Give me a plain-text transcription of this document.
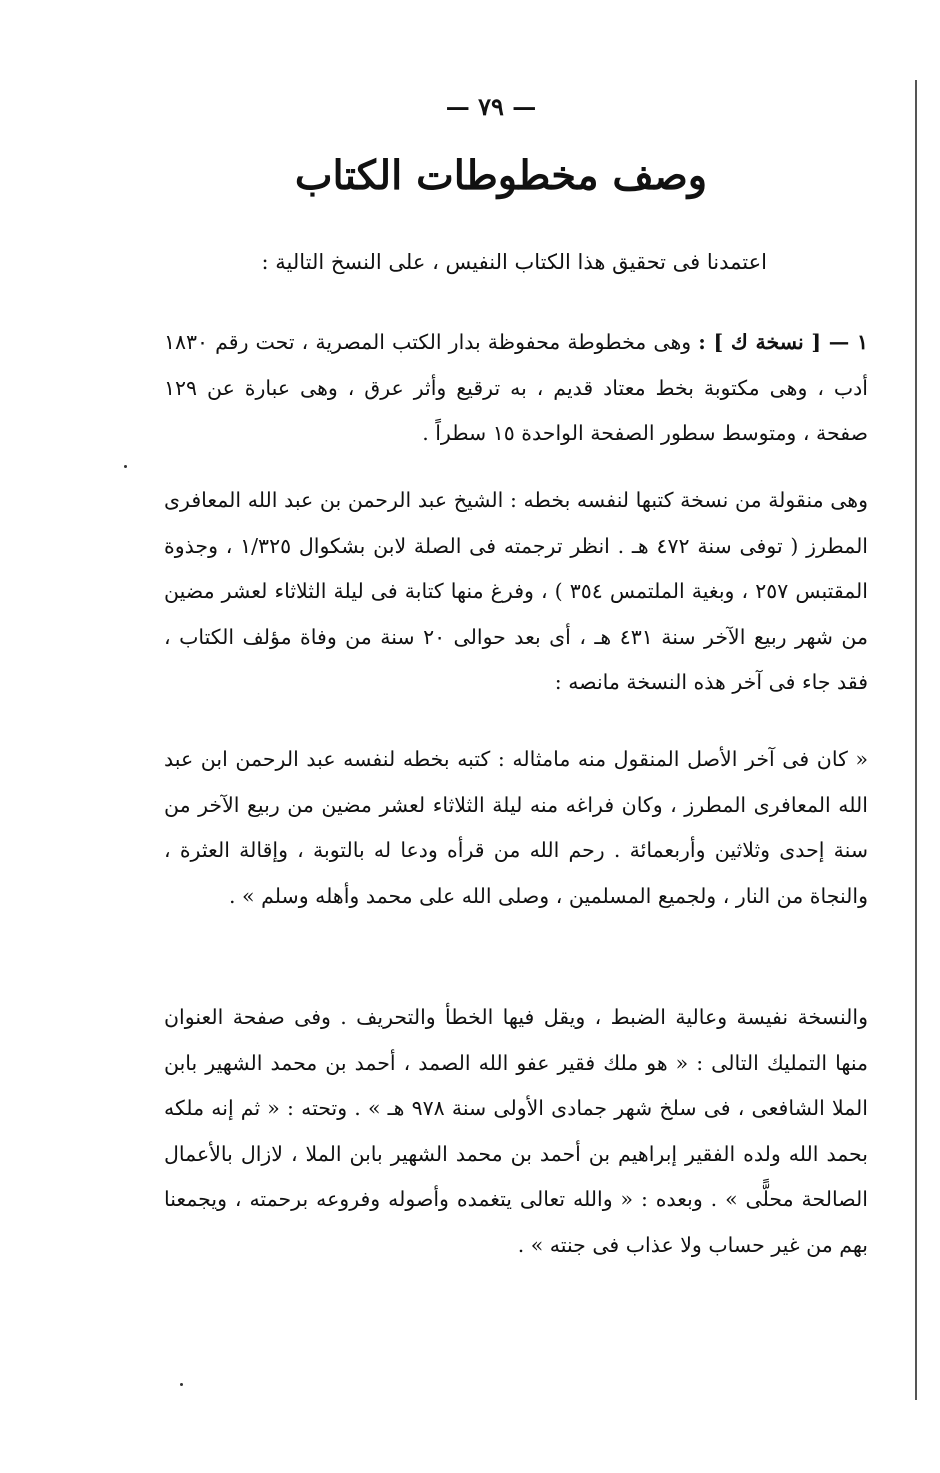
— ٧٩ —
وصف مخطوطات الكتاب

اعتمدنا فى تحقيق هذا الكتاب النفيس ، على النسخ التالية :

١ — [ نسخة ك ] : وهى مخطوطة محفوظة بدار الكتب المصرية ، تحت رقم ١٨٣٠ أدب ، وهى مكتوبة بخط معتاد قديم ، به ترقيع وأثر عرق ، وهى عبارة عن ١٢٩ صفحة ، ومتوسط سطور الصفحة الواحدة ١٥ سطراً .

وهى منقولة من نسخة كتبها لنفسه بخطه : الشيخ عبد الرحمن بن عبد الله المعافرى المطرز ( توفى سنة ٤٧٢ هـ . انظر ترجمته فى الصلة لابن بشكوال ١/٣٢٥ ، وجذوة المقتبس ٢٥٧ ، وبغية الملتمس ٣٥٤ ) ، وفرغ منها كتابة فى ليلة الثلاثاء لعشر مضين من شهر ربيع الآخر سنة ٤٣١ هـ ، أى بعد حوالى ٢٠ سنة من وفاة مؤلف الكتاب ، فقد جاء فى آخر هذه النسخة مانصه :

« كان فى آخر الأصل المنقول منه مامثاله : كتبه بخطه لنفسه عبد الرحمن ابن عبد الله المعافرى المطرز ، وكان فراغه منه ليلة الثلاثاء لعشر مضين من ربيع الآخر من سنة إحدى وثلاثين وأربعمائة . رحم الله من قرأه ودعا له بالتوبة ، وإقالة العثرة ، والنجاة من النار ، ولجميع المسلمين ، وصلى الله على محمد وأهله وسلم » .

والنسخة نفيسة وعالية الضبط ، ويقل فيها الخطأ والتحريف . وفى صفحة العنوان منها التمليك التالى : « هو ملك فقير عفو الله الصمد ، أحمد بن محمد الشهير بابن الملا الشافعى ، فى سلخ شهر جمادى الأولى سنة ٩٧٨ هـ » . وتحته : « ثم إنه ملكه بحمد الله ولده الفقير إبراهيم بن أحمد بن محمد الشهير بابن الملا ، لازال بالأعمال الصالحة محلًّى » . وبعده : « والله تعالى يتغمده وأصوله وفروعه برحمته ، ويجمعنا بهم من غير حساب ولا عذاب فى جنته » .
